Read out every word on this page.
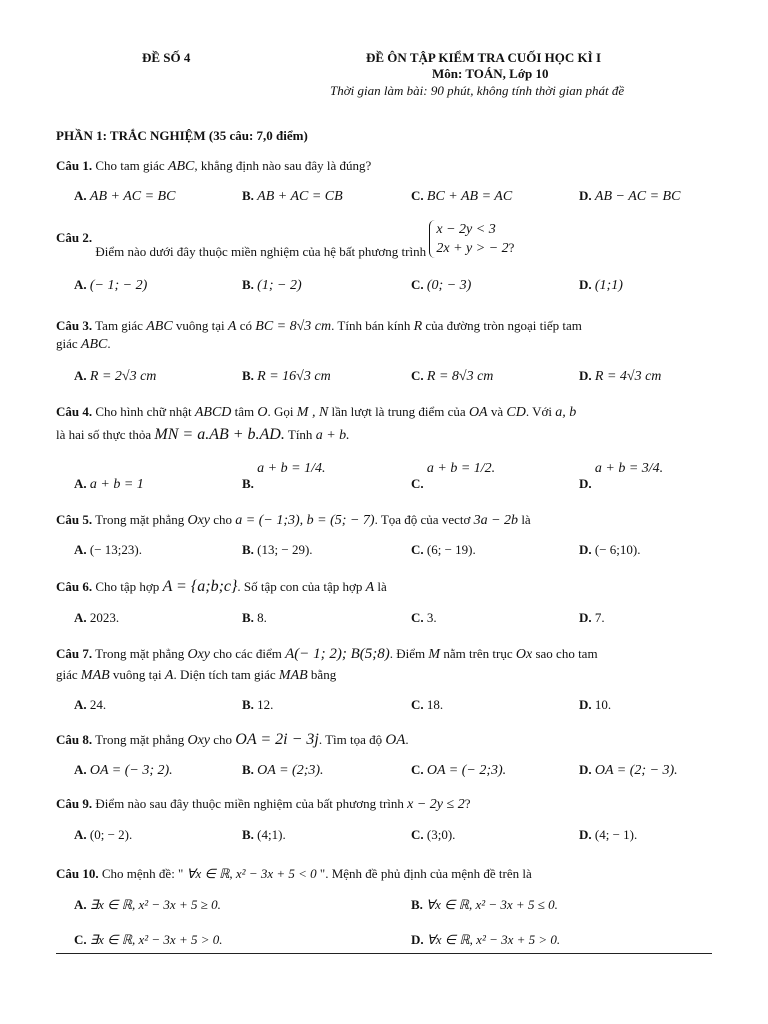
ĐỀ SỐ 4	ĐỀ ÔN TẬP KIỂM TRA CUỐI HỌC KÌ I
Môn: TOÁN, Lớp 10
Thời gian làm bài: 90 phút, không tính thời gian phát đề
PHẦN 1: TRẮC NGHIỆM (35 câu: 7,0 điểm)
Câu 1. Cho tam giác ABC, khẳng định nào sau đây là đúng?
A. AB + AC = BC	B. AB + AC = CB	C. BC + AB = AC	D. AB − AC = BC
Câu 2. Điểm nào dưới đây thuộc miền nghiệm của hệ bất phương trình x − 2y < 3
2x + y > − 2?
A. (− 1; − 2)	B. (1; − 2)	C. (0; − 3)	D. (1;1)
Câu 3. Tam giác ABC vuông tại A có BC = 8√3 cm. Tính bán kính R của đường tròn ngoại tiếp tam
giác ABC.
A. R = 2√3 cm	B. R = 16√3 cm	C. R = 8√3 cm	D. R = 4√3 cm
Câu 4. Cho hình chữ nhật ABCD tâm O. Gọi M , N lần lượt là trung điểm của OA và CD. Với a, b
là hai số thực thỏa MN = a.AB + b.AD. Tính a + b.
A. a + b = 1	B. a + b = 1/4.
C. a + b = 1/2.
D. a + b = 3/4.
Câu 5. Trong mặt phẳng Oxy cho a = (− 1;3), b = (5; − 7). Tọa độ của vectơ 3a − 2b là
A. (− 13;23).	B. (13; − 29).	C. (6; − 19).	D. (− 6;10).
Câu 6. Cho tập hợp A = {a;b;c}. Số tập con của tập hợp A là
A. 2023.	B. 8.	C. 3.	D. 7.
Câu 7. Trong mặt phẳng Oxy cho các điểm A(− 1; 2); B(5;8). Điểm M nằm trên trục Ox sao cho tam
giác MAB vuông tại A. Diện tích tam giác MAB bằng
A. 24.	B. 12.	C. 18.	D. 10.
Câu 8. Trong mặt phẳng Oxy cho OA = 2i − 3j. Tìm tọa độ OA.
A. OA = (− 3; 2).	B. OA = (2;3).	C. OA = (− 2;3).	D. OA = (2; − 3).
Câu 9. Điểm nào sau đây thuộc miền nghiệm của bất phương trình x − 2y ≤ 2?
A. (0; − 2).	B. (4;1).	C. (3;0).	D. (4; − 1).
Câu 10. Cho mệnh đề: " ∀x ∈ ℝ, x² − 3x + 5 < 0 ". Mệnh đề phủ định của mệnh đề trên là
A. ∃x ∈ ℝ, x² − 3x + 5 ≥ 0.	B. ∀x ∈ ℝ, x² − 3x + 5 ≤ 0.
C. ∃x ∈ ℝ, x² − 3x + 5 > 0.	D. ∀x ∈ ℝ, x² − 3x + 5 > 0.
